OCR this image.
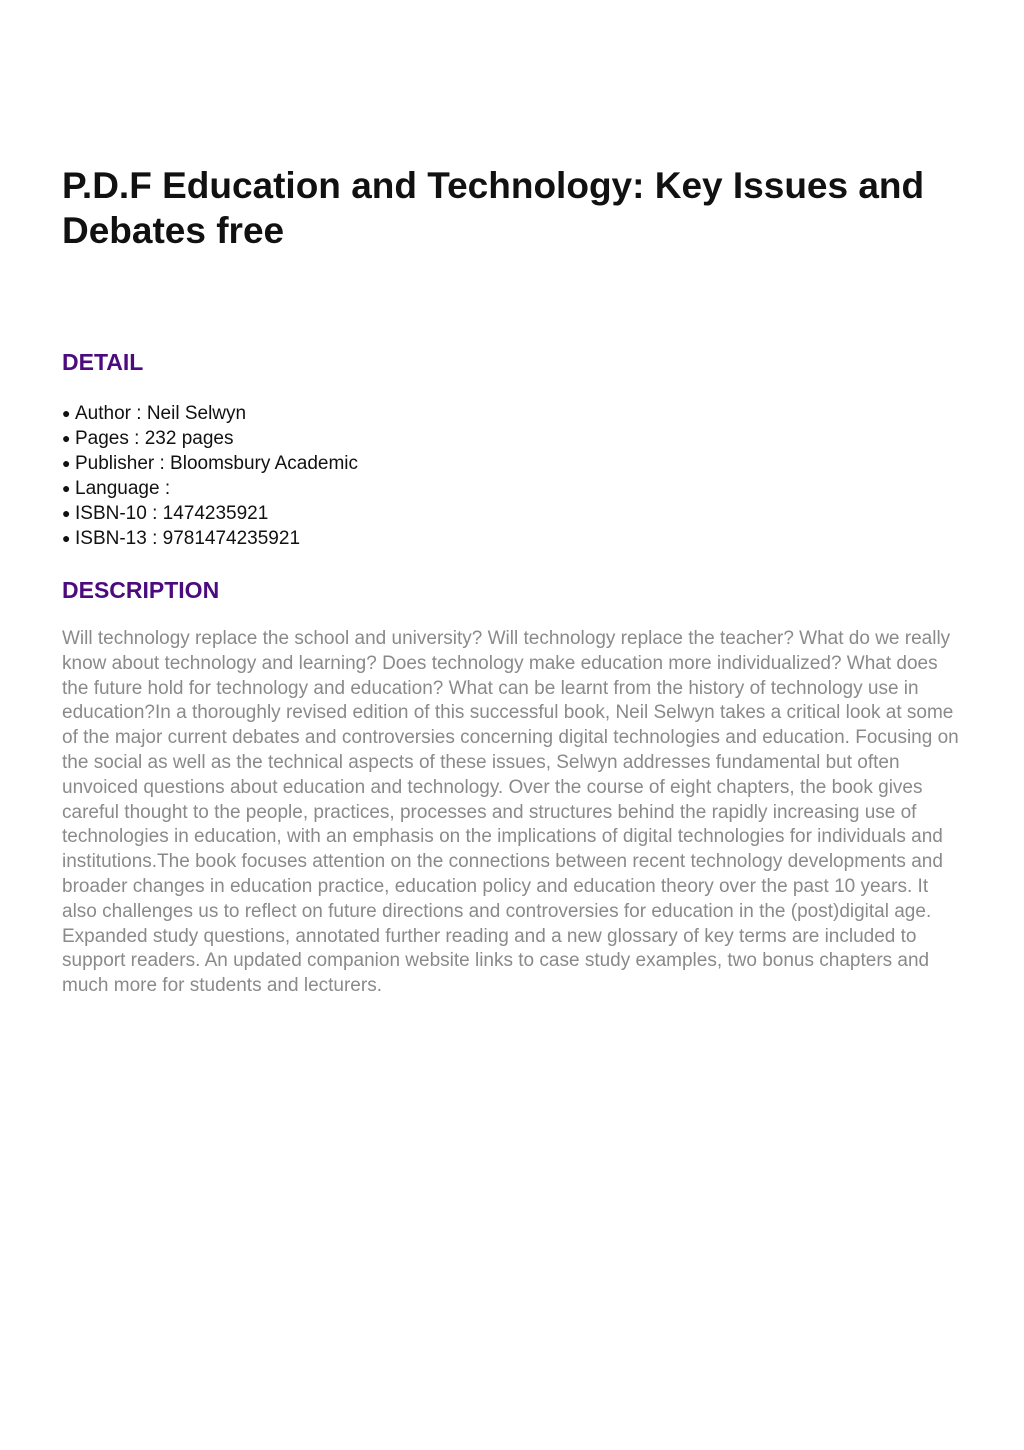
P.D.F Education and Technology: Key Issues and Debates free
DETAIL
● Author : Neil Selwyn
● Pages : 232 pages
● Publisher : Bloomsbury Academic
● Language :
● ISBN-10 : 1474235921
● ISBN-13 : 9781474235921
DESCRIPTION

Will technology replace the school and university? Will technology replace the teacher? What do we really know about technology and learning? Does technology make education more individualized? What does the future hold for technology and education? What can be learnt from the history of technology use in education?In a thoroughly revised edition of this successful book, Neil Selwyn takes a critical look at some of the major current debates and controversies concerning digital technologies and education. Focusing on the social as well as the technical aspects of these issues, Selwyn addresses fundamental but often unvoiced questions about education and technology. Over the course of eight chapters, the book gives careful thought to the people, practices, processes and structures behind the rapidly increasing use of technologies in education, with an emphasis on the implications of digital technologies for individuals and institutions.The book focuses attention on the connections between recent technology developments and broader changes in education practice, education policy and education theory over the past 10 years. It also challenges us to reflect on future directions and controversies for education in the (post)digital age. Expanded study questions, annotated further reading and a new glossary of key terms are included to support readers. An updated companion website links to case study examples, two bonus chapters and much more for students and lecturers.
